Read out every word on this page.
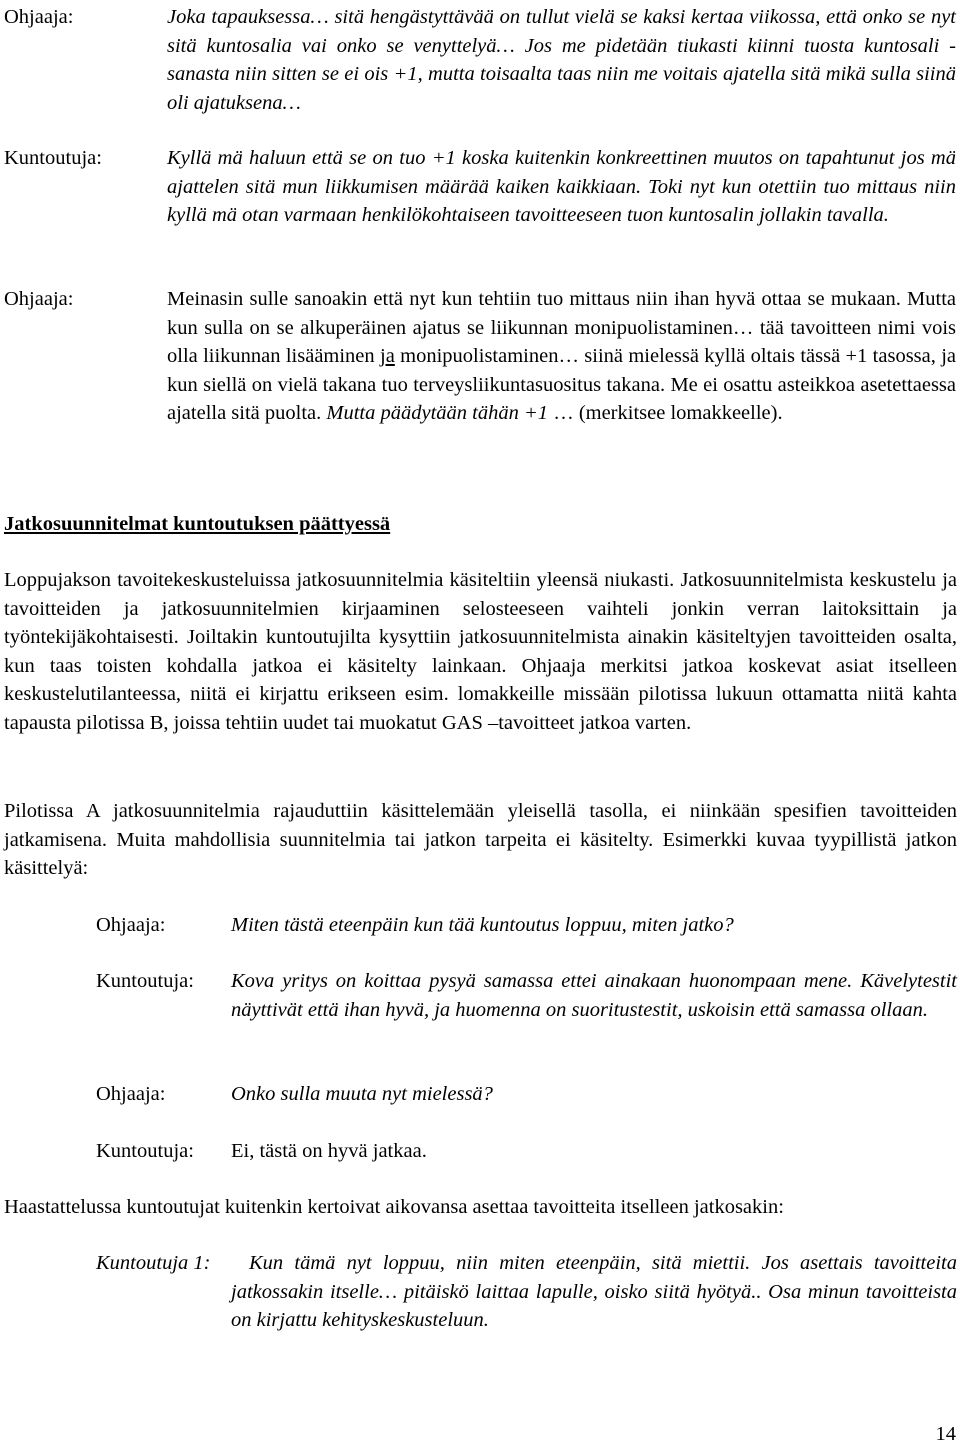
Ohjaaja:	Joka tapauksessa… sitä hengästyttävää on tullut vielä se kaksi kertaa viikossa, että onko se nyt sitä kuntosalia vai onko se venyttelyä… Jos me pidetään tiukasti kiinni tuosta kuntosali -sanasta niin sitten se ei ois +1, mutta toisaalta taas niin me voitais ajatella sitä mikä sulla siinä oli ajatuksena…

Kuntoutuja:	Kyllä mä haluun että se on tuo +1 koska kuitenkin konkreettinen muutos on tapahtunut jos mä ajattelen sitä mun liikkumisen määrää kaiken kaikkiaan. Toki nyt kun otettiin tuo mittaus niin kyllä mä otan varmaan henkilökohtaiseen tavoitteeseen tuon kuntosalin jollakin tavalla.

Ohjaaja:	Meinasin sulle sanoakin että nyt kun tehtiin tuo mittaus niin ihan hyvä ottaa se mukaan. Mutta kun sulla on se alkuperäinen ajatus se liikunnan monipuolistaminen… tää tavoitteen nimi vois olla liikunnan lisääminen ja monipuolistaminen… siinä mielessä kyllä oltais tässä +1 tasossa, ja kun siellä on vielä takana tuo terveysliikuntasuositus takana. Me ei osattu asteikkoa asetettaessa ajatella sitä puolta. Mutta päädytään tähän +1 … (merkitsee lomakkeelle).

Jatkosuunnitelmat kuntoutuksen päättyessä

Loppujakson tavoitekeskusteluissa jatkosuunnitelmia käsiteltiin yleensä niukasti. Jatkosuunnitelmista keskustelu ja tavoitteiden ja jatkosuunnitelmien kirjaaminen selosteeseen vaihteli jonkin verran laitoksittain ja työntekijäkohtaisesti. Joiltakin kuntoutujilta kysyttiin jatkosuunnitelmista ainakin käsiteltyjen tavoitteiden osalta, kun taas toisten kohdalla jatkoa ei käsitelty lainkaan. Ohjaaja merkitsi jatkoa koskevat asiat itselleen keskustelutilanteessa, niitä ei kirjattu erikseen esim. lomakkeille missään pilotissa lukuun ottamatta niitä kahta tapausta pilotissa B, joissa tehtiin uudet tai muokatut GAS –tavoitteet jatkoa varten.

Pilotissa A jatkosuunnitelmia rajauduttiin käsittelemään yleisellä tasolla, ei niinkään spesifien tavoitteiden jatkamisena. Muita mahdollisia suunnitelmia tai jatkon tarpeita ei käsitelty. Esimerkki kuvaa tyypillistä jatkon käsittelyä:

Ohjaaja:	Miten tästä eteenpäin kun tää kuntoutus loppuu, miten jatko?

Kuntoutuja: Kova yritys on koittaa pysyä samassa ettei ainakaan huonompaan mene. Kävelytestit näyttivät että ihan hyvä, ja huomenna on suoritustestit, uskoisin että samassa ollaan.

Ohjaaja:	Onko sulla muuta nyt mielessä?

Kuntoutuja: Ei, tästä on hyvä jatkaa.

Haastattelussa kuntoutujat kuitenkin kertoivat aikovansa asettaa tavoitteita itselleen jatkosakin:

Kuntoutuja 1:	Kun tämä nyt loppuu, niin miten eteenpäin, sitä miettii. Jos asettais tavoitteita jatkossakin itselle… pitäiskö laittaa lapulle, oisko siitä hyötyä.. Osa minun tavoitteista on kirjattu kehityskeskusteluun.

14
